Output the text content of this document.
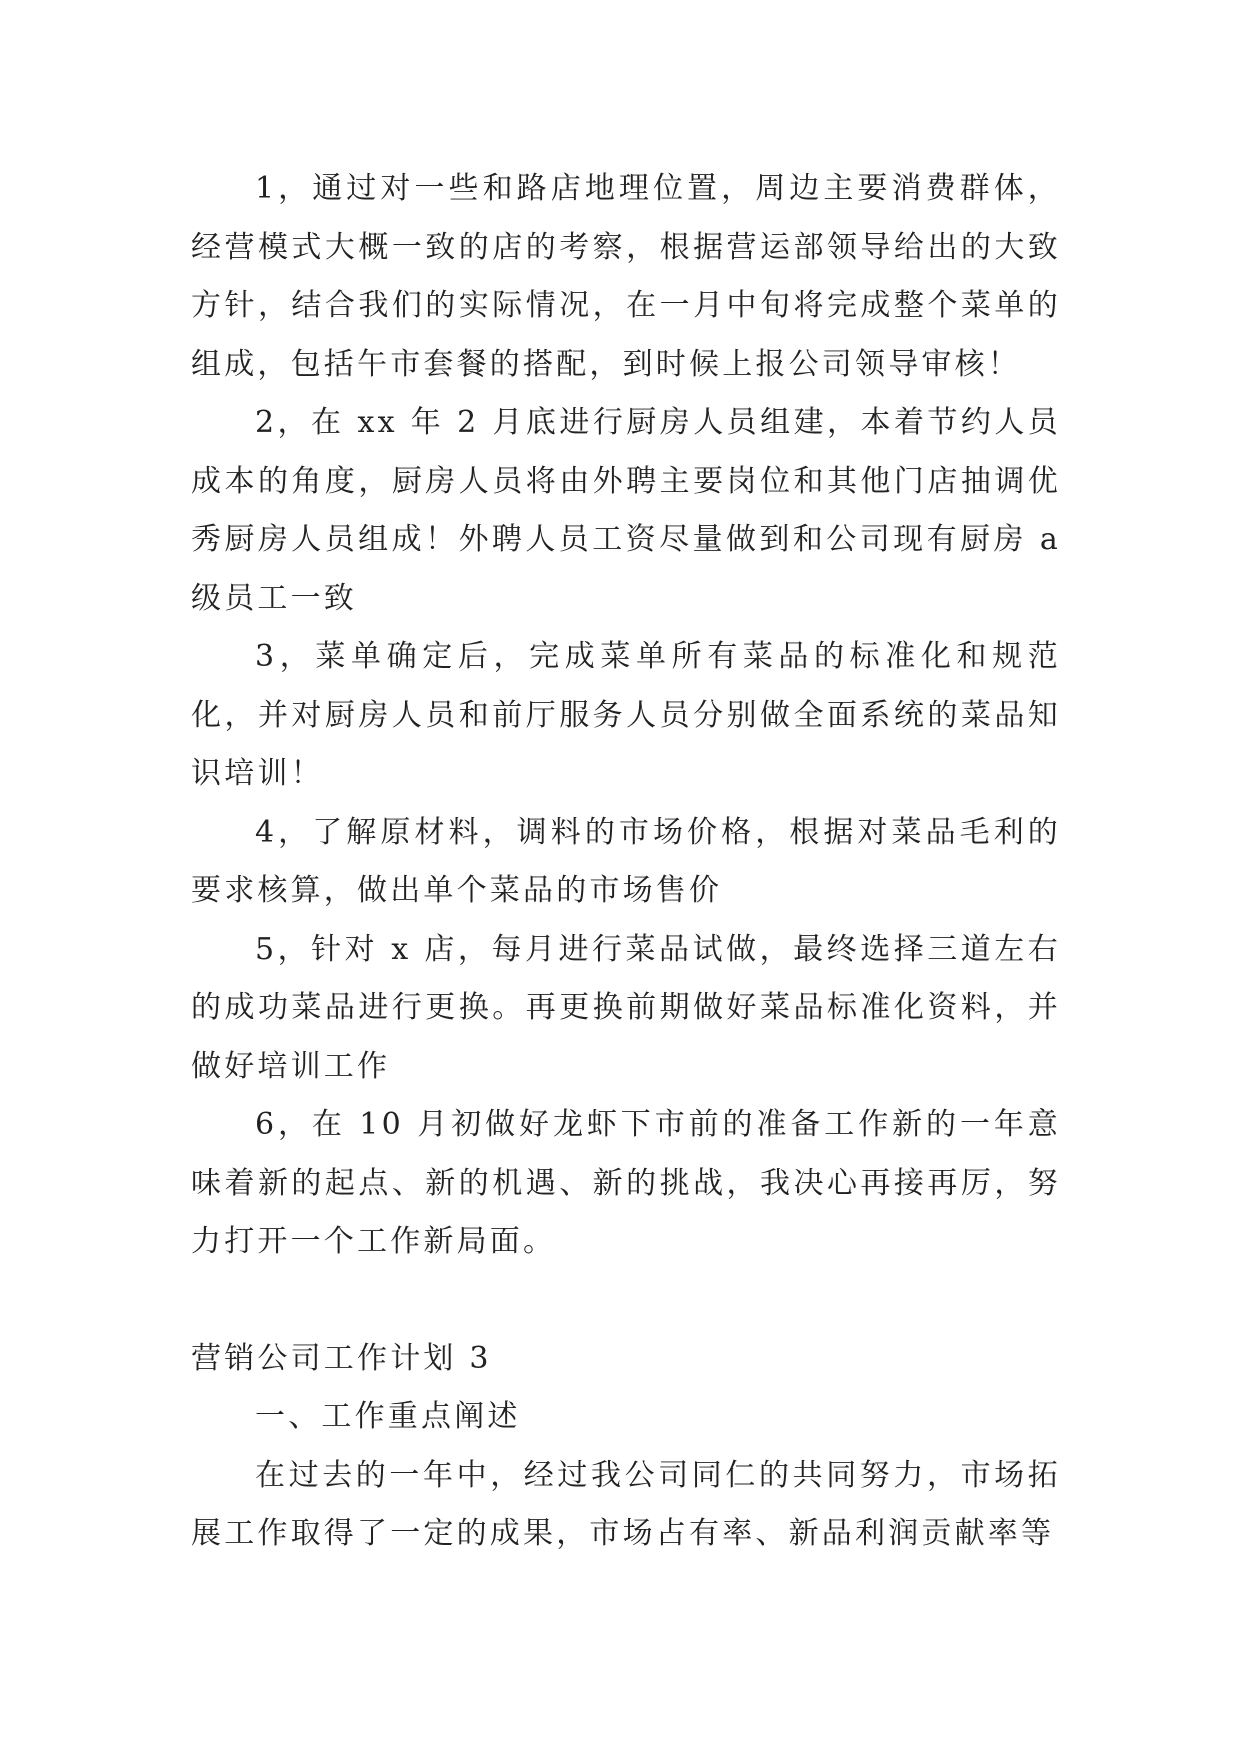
1，通过对一些和路店地理位置，周边主要消费群体，经营模式大概一致的店的考察，根据营运部领导给出的大致方针，结合我们的实际情况，在一月中旬将完成整个菜单的组成，包括午市套餐的搭配，到时候上报公司领导审核！

2，在 xx 年 2 月底进行厨房人员组建，本着节约人员成本的角度，厨房人员将由外聘主要岗位和其他门店抽调优秀厨房人员组成！外聘人员工资尽量做到和公司现有厨房 a 级员工一致

3，菜单确定后，完成菜单所有菜品的标准化和规范化，并对厨房人员和前厅服务人员分别做全面系统的菜品知识培训！

4，了解原材料，调料的市场价格，根据对菜品毛利的要求核算，做出单个菜品的市场售价

5，针对 x 店，每月进行菜品试做，最终选择三道左右的成功菜品进行更换。再更换前期做好菜品标准化资料，并做好培训工作

6，在 10 月初做好龙虾下市前的准备工作新的一年意味着新的起点、新的机遇、新的挑战，我决心再接再厉，努力打开一个工作新局面。

营销公司工作计划 3

一、工作重点阐述

在过去的一年中，经过我公司同仁的共同努力，市场拓展工作取得了一定的成果，市场占有率、新品利润贡献率等
